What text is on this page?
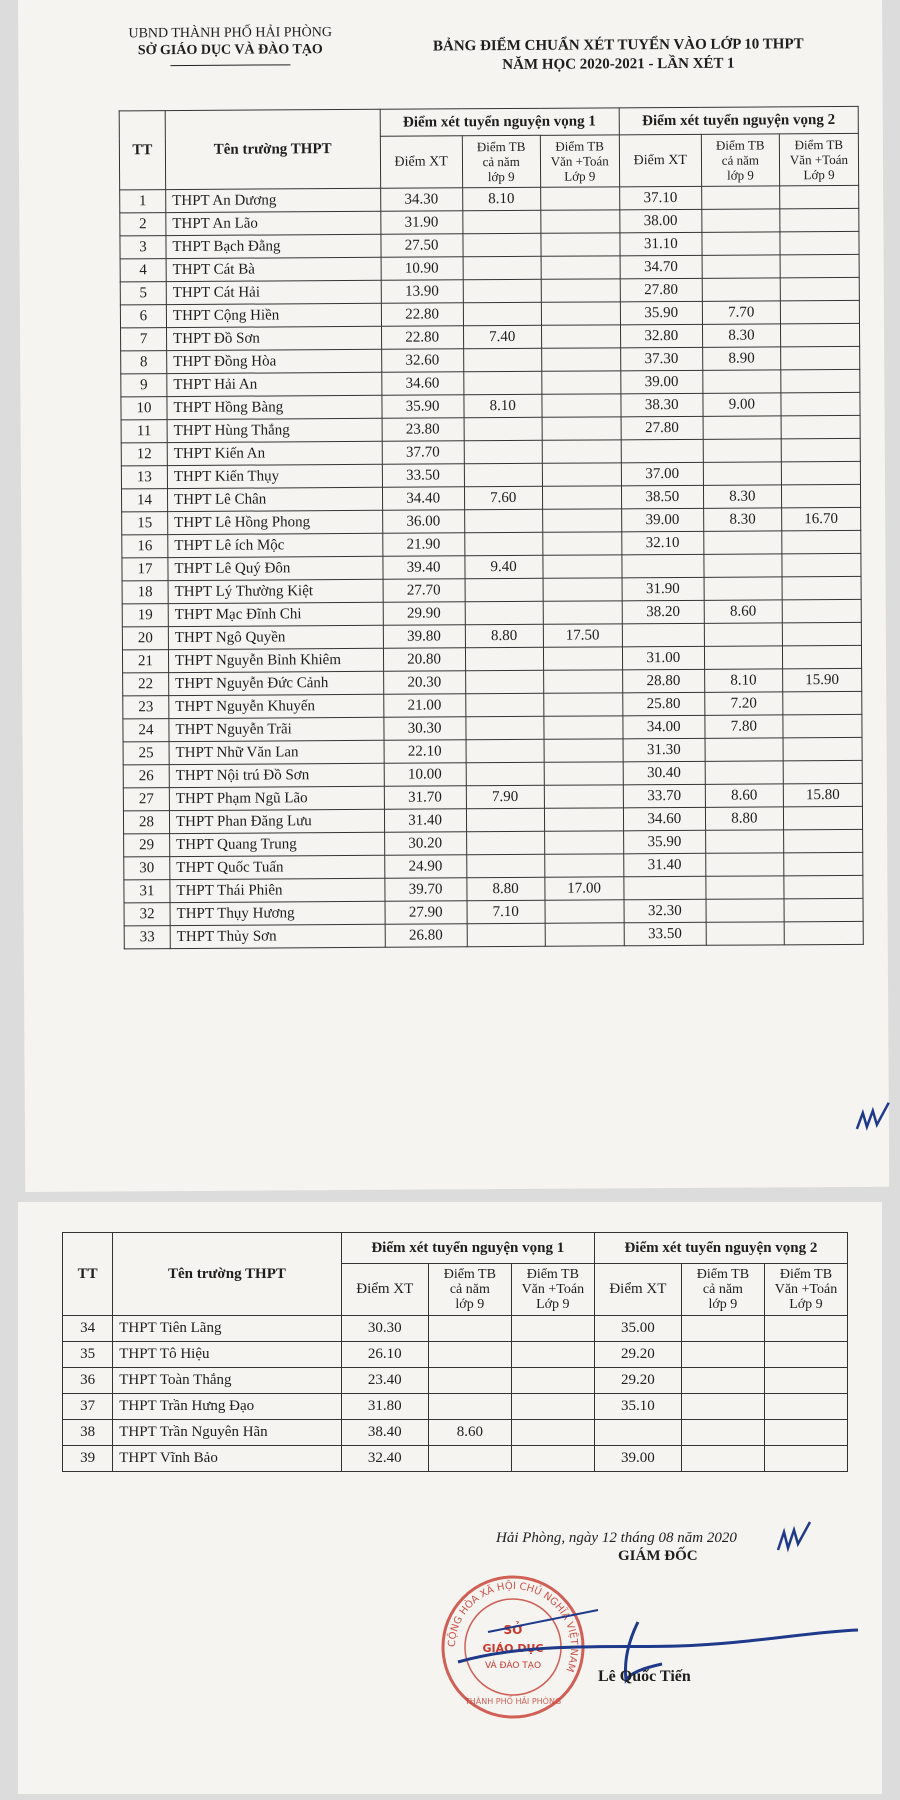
UBND THÀNH PHỐ HẢI PHÒNG
SỞ GIÁO DỤC VÀ ĐÀO TẠO	BẢNG ĐIỂM CHUẨN XÉT TUYỂN VÀO LỚP 10 THPT
NĂM HỌC 2020-2021 - LẦN XÉT 1
TT	Tên trường THPT	Điểm xét tuyển nguyện vọng 1			Điểm xét tuyển nguyện vọng 2		
		Điểm XT	Điểm TB
cả năm
lớp 9	Điểm TB
Văn +Toán
Lớp 9	Điểm XT	Điểm TB
cả năm
lớp 9	Điểm TB
Văn +Toán
Lớp 9
1	THPT An Dương	34.30	8.10		37.10		
2	THPT An Lão	31.90			38.00		
3	THPT Bạch Đằng	27.50			31.10		
4	THPT Cát Bà	10.90			34.70		
5	THPT Cát Hải	13.90			27.80		
6	THPT Cộng Hiền	22.80			35.90	7.70	
7	THPT Đồ Sơn	22.80	7.40		32.80	8.30	
8	THPT Đồng Hòa	32.60			37.30	8.90	
9	THPT Hải An	34.60			39.00		
10	THPT Hồng Bàng	35.90	8.10		38.30	9.00	
11	THPT Hùng Thắng	23.80			27.80		
12	THPT Kiến An	37.70					
13	THPT Kiến Thụy	33.50			37.00		
14	THPT Lê Chân	34.40	7.60		38.50	8.30	
15	THPT Lê Hồng Phong	36.00			39.00	8.30	16.70
16	THPT Lê ích Mộc	21.90			32.10		
17	THPT Lê Quý Đôn	39.40	9.40				
18	THPT Lý Thường Kiệt	27.70			31.90		
19	THPT Mạc Đĩnh Chi	29.90			38.20	8.60	
20	THPT Ngô Quyền	39.80	8.80	17.50			
21	THPT Nguyễn Bỉnh Khiêm	20.80			31.00		
22	THPT Nguyễn Đức Cảnh	20.30			28.80	8.10	15.90
23	THPT Nguyễn Khuyến	21.00			25.80	7.20	
24	THPT Nguyễn Trãi	30.30			34.00	7.80	
25	THPT Nhữ Văn Lan	22.10			31.30		
26	THPT Nội trú Đồ Sơn	10.00			30.40		
27	THPT Phạm Ngũ Lão	31.70	7.90		33.70	8.60	15.80
28	THPT Phan Đăng Lưu	31.40			34.60	8.80	
29	THPT Quang Trung	30.20			35.90		
30	THPT Quốc Tuấn	24.90			31.40		
31	THPT Thái Phiên	39.70	8.80	17.00			
32	THPT Thụy Hương	27.90	7.10		32.30		
33	THPT Thủy Sơn	26.80			33.50		
TT	Tên trường THPT	Điểm xét tuyển nguyện vọng 1			Điểm xét tuyển nguyện vọng 2		
		Điểm XT	Điểm TB
cả năm
lớp 9	Điểm TB
Văn +Toán
Lớp 9	Điểm XT	Điểm TB
cả năm
lớp 9	Điểm TB
Văn +Toán
Lớp 9
34	THPT Tiên Lãng	30.30			35.00		
35	THPT Tô Hiệu	26.10			29.20		
36	THPT Toàn Thắng	23.40			29.20		
37	THPT Trần Hưng Đạo	31.80			35.10		
38	THPT Trần Nguyên Hãn	38.40	8.60				
39	THPT Vĩnh Bảo	32.40			39.00		
Hải Phòng, ngày 12 tháng 08 năm 2020
GIÁM ĐỐC
CỘNG HÒA XÃ HỘI CHỦ NGHĨA VIỆT NAM
SỞ
GIÁO DỤC
VÀ ĐÀO TẠO
THÀNH PHỐ HẢI PHÒNG
Lê Quốc Tiến
